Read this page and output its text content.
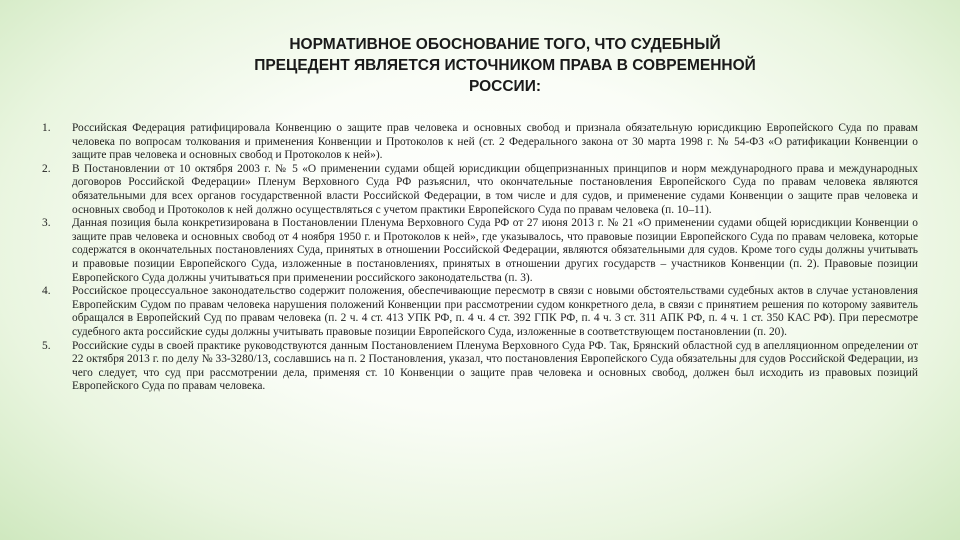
НОРМАТИВНОЕ ОБОСНОВАНИЕ ТОГО, ЧТО СУДЕБНЫЙ
ПРЕЦЕДЕНТ ЯВЛЯЕТСЯ ИСТОЧНИКОМ ПРАВА В СОВРЕМЕННОЙ
РОССИИ:
1.	Российская Федерация ратифицировала Конвенцию о защите прав человека и основных свобод и признала обязательную юрисдикцию Европейского Суда по правам человека по вопросам толкования и применения Конвенции и Протоколов к ней (ст. 2 Федерального закона от 30 марта 1998 г. № 54-ФЗ «О ратификации Конвенции о защите прав человека и основных свобод и Протоколов к ней»).
2.	В Постановлении от 10 октября 2003 г. № 5 «О применении судами общей юрисдикции общепризнанных принципов и норм международного права и международных договоров Российской Федерации» Пленум Верховного Суда РФ разъяснил, что окончательные постановления Европейского Суда по правам человека являются обязательными для всех органов государственной власти Российской Федерации, в том числе и для судов, и применение судами Конвенции о защите прав человека и основных свобод и Протоколов к ней должно осуществляться с учетом практики Европейского Суда по правам человека (п. 10–11).
3.	Данная позиция была конкретизирована в Постановлении Пленума Верховного Суда РФ от 27 июня 2013 г. № 21 «О применении судами общей юрисдикции Конвенции о защите прав человека и основных свобод от 4 ноября 1950 г. и Протоколов к ней», где указывалось, что правовые позиции Европейского Суда по правам человека, которые содержатся в окончательных постановлениях Суда, принятых в отношении Российской Федерации, являются обязательными для судов. Кроме того суды должны учитывать и правовые позиции Европейского Суда, изложенные в постановлениях, принятых в отношении других государств – участников Конвенции (п. 2). Правовые позиции Европейского Суда должны учитываться при применении российского законодательства (п. 3).
4.	Российское процессуальное законодательство содержит положения, обеспечивающие пересмотр в связи с новыми обстоятельствами судебных актов в случае установления Европейским Судом по правам человека нарушения положений Конвенции при рассмотрении судом конкретного дела, в связи с принятием решения по которому заявитель обращался в Европейский Суд по правам человека (п. 2 ч. 4 ст. 413 УПК РФ, п. 4 ч. 4 ст. 392 ГПК РФ, п. 4 ч. 3 ст. 311 АПК РФ, п. 4 ч. 1 ст. 350 КАС РФ). При пересмотре судебного акта российские суды должны учитывать правовые позиции Европейского Суда, изложенные в соответствующем постановлении (п. 20).
5.	Российские суды в своей практике руководствуются данным Постановлением Пленума Верховного Суда РФ. Так, Брянский областной суд в апелляционном определении от 22 октября 2013 г. по делу № 33-3280/13, сославшись на п. 2 Постановления, указал, что постановления Европейского Суда обязательны для судов Российской Федерации, из чего следует, что суд при рассмотрении дела, применяя ст. 10 Конвенции о защите прав человека и основных свобод, должен был исходить из правовых позиций Европейского Суда по правам человека.
